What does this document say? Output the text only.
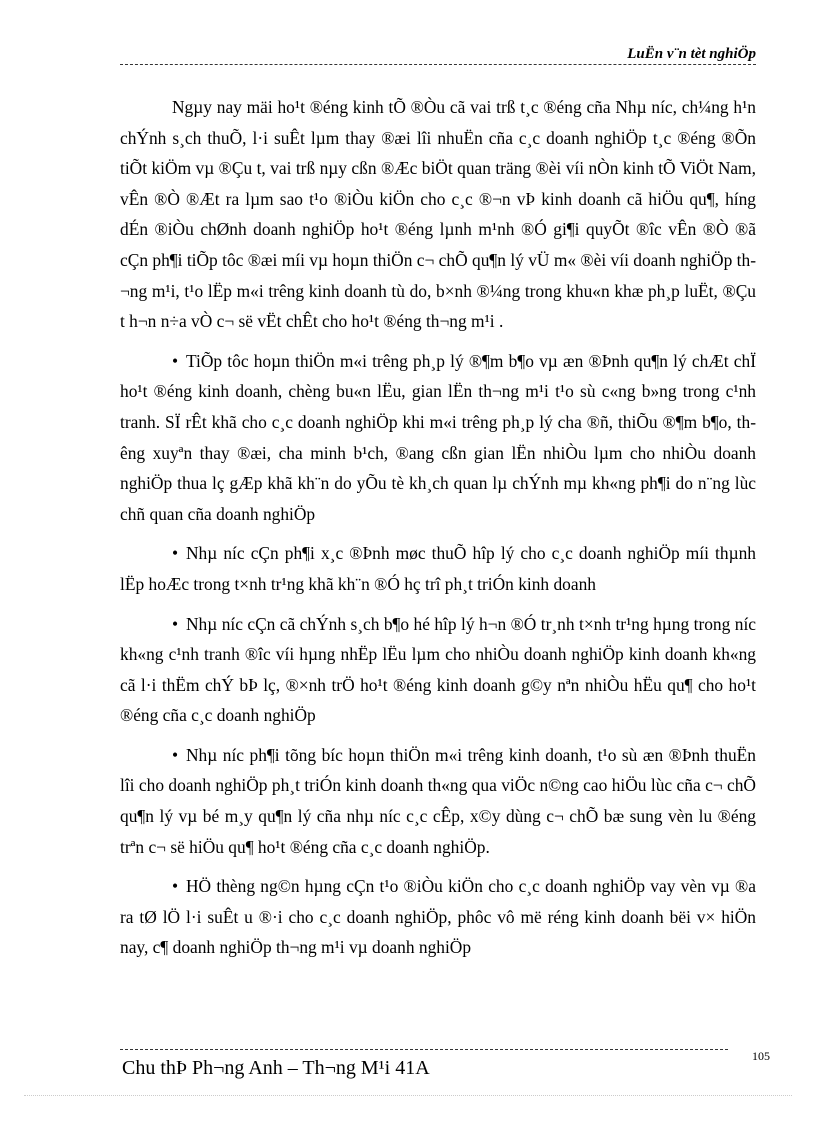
LuËn v¨n tèt nghiÖp

Ngµy nay mäi ho¹t ®éng kinh tÕ ®Òu cã vai trß t¸c ®éng cña Nhµ níc, ch¼ng h¹n chÝnh s¸ch thuÕ, l·i suÊt lµm thay ®æi lîi nhuËn cña c¸c doanh nghiÖp t¸c ®éng ®Õn tiÕt kiÖm vµ ®Çu t, vai trß nµy cßn ®Æc biÖt quan träng ®èi víi nÒn kinh tÕ ViÖt Nam, vÊn ®Ò ®Æt ra lµm sao t¹o ®iÒu kiÖn cho c¸c ®¬n vÞ kinh doanh cã hiÖu qu¶, híng dÉn ®iÒu chØnh doanh nghiÖp ho¹t ®éng lµnh m¹nh ®Ó gi¶i quyÕt ®îc vÊn ®Ò ®ã cÇn ph¶i tiÕp tôc ®æi míi vµ hoµn thiÖn c¬ chÕ qu¶n lý vÜ m« ®èi víi doanh nghiÖp th¬ng m¹i, t¹o lËp m«i trêng kinh doanh tù do, b×nh ®¼ng trong khu«n khæ ph¸p luËt, ®Çu t h¬n n÷a vÒ c¬ së vËt chÊt cho ho¹t ®éng th¬ng m¹i .

• TiÕp tôc hoµn thiÖn m«i trêng ph¸p lý ®¶m b¶o vµ æn ®Þnh qu¶n lý chÆt chÏ ho¹t ®éng kinh doanh, chèng bu«n lËu, gian lËn th¬ng m¹i t¹o sù c«ng b»ng trong c¹nh tranh. SÏ rÊt khã cho c¸c doanh nghiÖp khi m«i trêng ph¸p lý cha ®ñ, thiÕu ®¶m b¶o, thêng xuyªn thay ®æi, cha minh b¹ch, ®ang cßn gian lËn nhiÒu lµm cho nhiÒu doanh nghiÖp thua lç gÆp khã kh¨n do yÕu tè kh¸ch quan lµ chÝnh mµ kh«ng ph¶i do n¨ng lùc chñ quan cña doanh nghiÖp

• Nhµ níc cÇn ph¶i x¸c ®Þnh møc thuÕ hîp lý cho c¸c doanh nghiÖp míi thµnh lËp hoÆc trong t×nh tr¹ng khã kh¨n ®Ó hç trî ph¸t triÓn kinh doanh

• Nhµ níc cÇn cã chÝnh s¸ch b¶o hé hîp lý h¬n ®Ó tr¸nh t×nh tr¹ng hµng trong níc kh«ng c¹nh tranh ®îc víi hµng nhËp lËu lµm cho nhiÒu doanh nghiÖp kinh doanh kh«ng cã l·i thËm chÝ bÞ lç, ®×nh trÖ ho¹t ®éng kinh doanh g©y nªn nhiÒu hËu qu¶ cho ho¹t ®éng cña c¸c doanh nghiÖp

• Nhµ níc ph¶i tõng bíc hoµn thiÖn m«i trêng kinh doanh, t¹o sù æn ®Þnh thuËn lîi cho doanh nghiÖp ph¸t triÓn kinh doanh th«ng qua viÖc n©ng cao hiÖu lùc cña c¬ chÕ qu¶n lý vµ bé m¸y qu¶n lý cña nhµ níc c¸c cÊp, x©y dùng c¬ chÕ bæ sung vèn lu ®éng trªn c¬ së hiÖu qu¶ ho¹t ®éng cña c¸c doanh nghiÖp.

• HÖ thèng ng©n hµng cÇn t¹o ®iÒu kiÖn cho c¸c doanh nghiÖp vay vèn vµ ®a ra tØ lÖ l·i suÊt u ®·i cho c¸c doanh nghiÖp, phôc vô më réng kinh doanh bëi v× hiÖn nay, c¶ doanh nghiÖp th¬ng m¹i vµ doanh nghiÖp

105
Chu thÞ Ph¬ng Anh – Th¬ng M¹i 41A
